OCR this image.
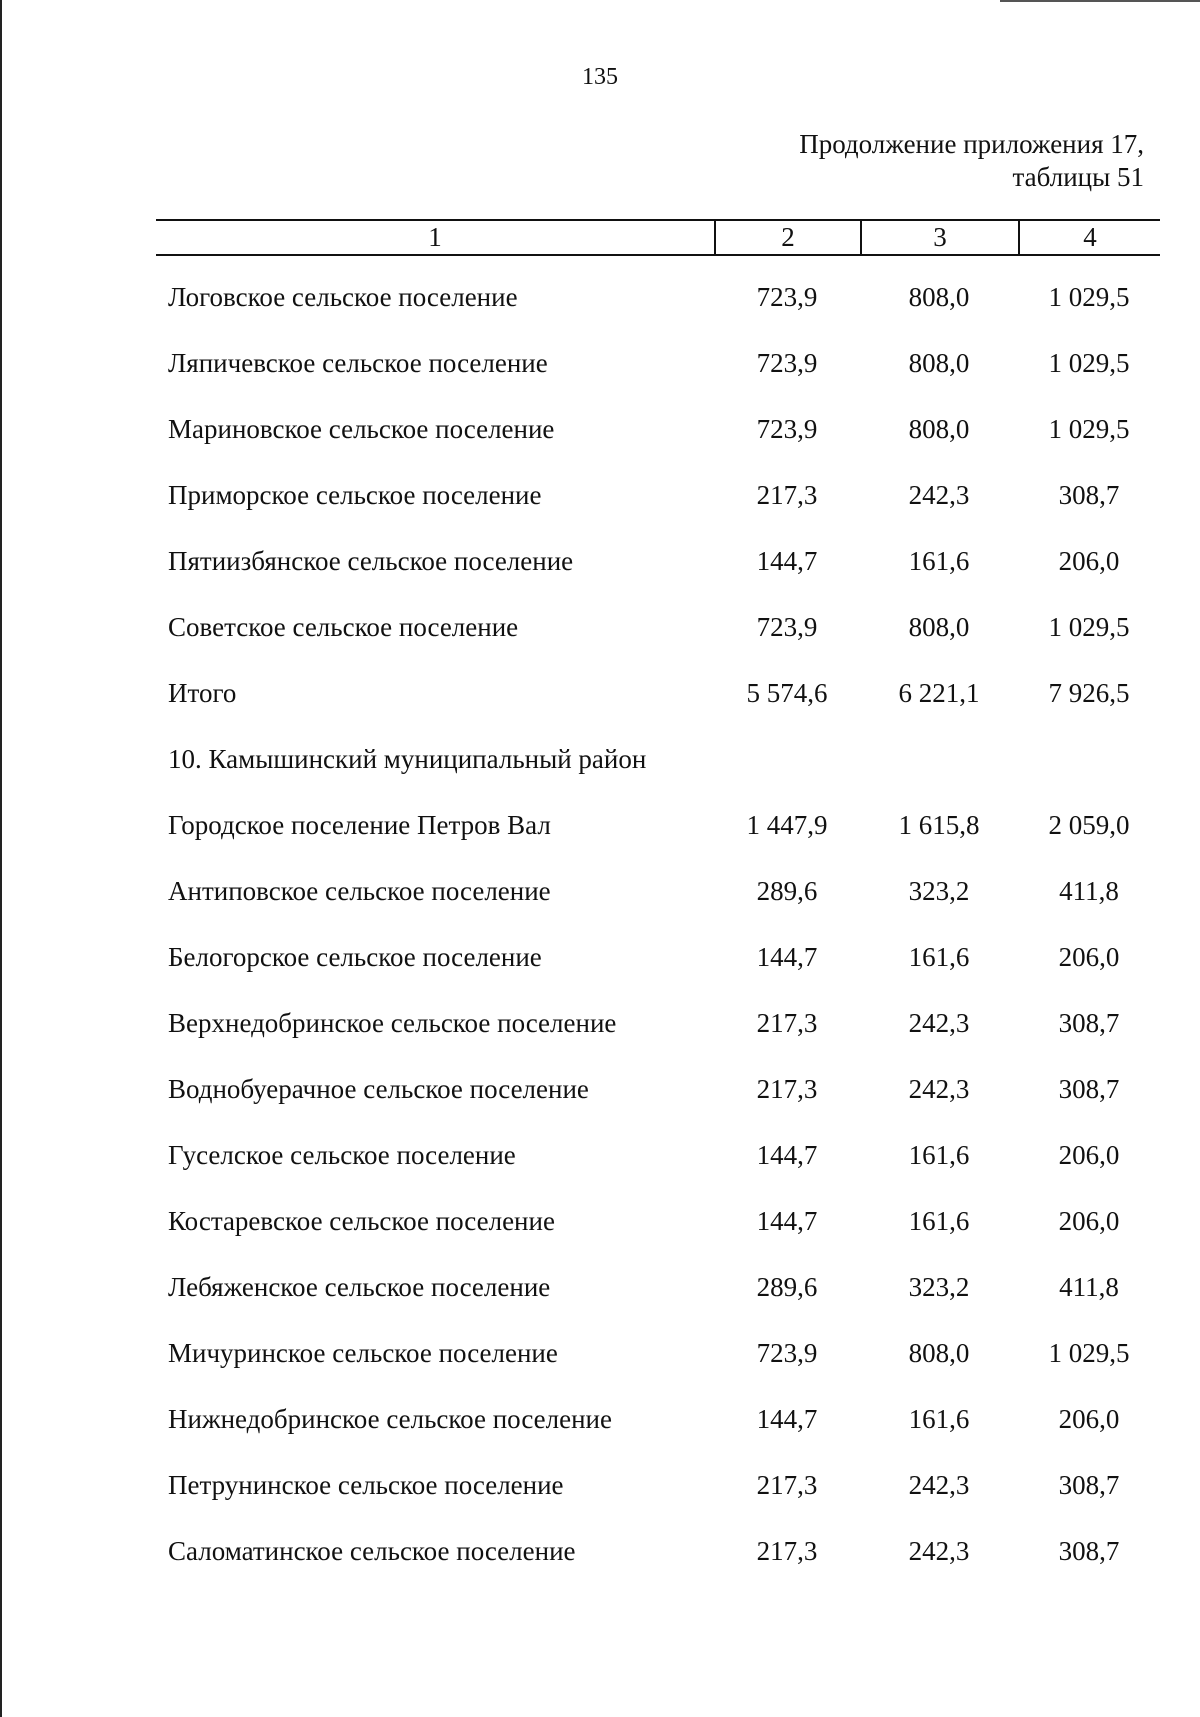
135
Продолжение приложения 17,
таблицы 51
1	2	3	4
Логовское сельское поселение	723,9	808,0	1 029,5
Ляпичевское сельское поселение	723,9	808,0	1 029,5
Мариновское сельское поселение	723,9	808,0	1 029,5
Приморское сельское поселение	217,3	242,3	308,7
Пятиизбянское сельское поселение	144,7	161,6	206,0
Советское сельское поселение	723,9	808,0	1 029,5
Итого	5 574,6	6 221,1	7 926,5
10. Камышинский муниципальный район
Городское поселение Петров Вал	1 447,9	1 615,8	2 059,0
Антиповское сельское поселение	289,6	323,2	411,8
Белогорское сельское поселение	144,7	161,6	206,0
Верхнедобринское сельское поселение	217,3	242,3	308,7
Воднобуерачное сельское поселение	217,3	242,3	308,7
Гуселское сельское поселение	144,7	161,6	206,0
Костаревское сельское поселение	144,7	161,6	206,0
Лебяженское сельское поселение	289,6	323,2	411,8
Мичуринское сельское поселение	723,9	808,0	1 029,5
Нижнедобринское сельское поселение	144,7	161,6	206,0
Петрунинское сельское поселение	217,3	242,3	308,7
Саломатинское сельское поселение	217,3	242,3	308,7
